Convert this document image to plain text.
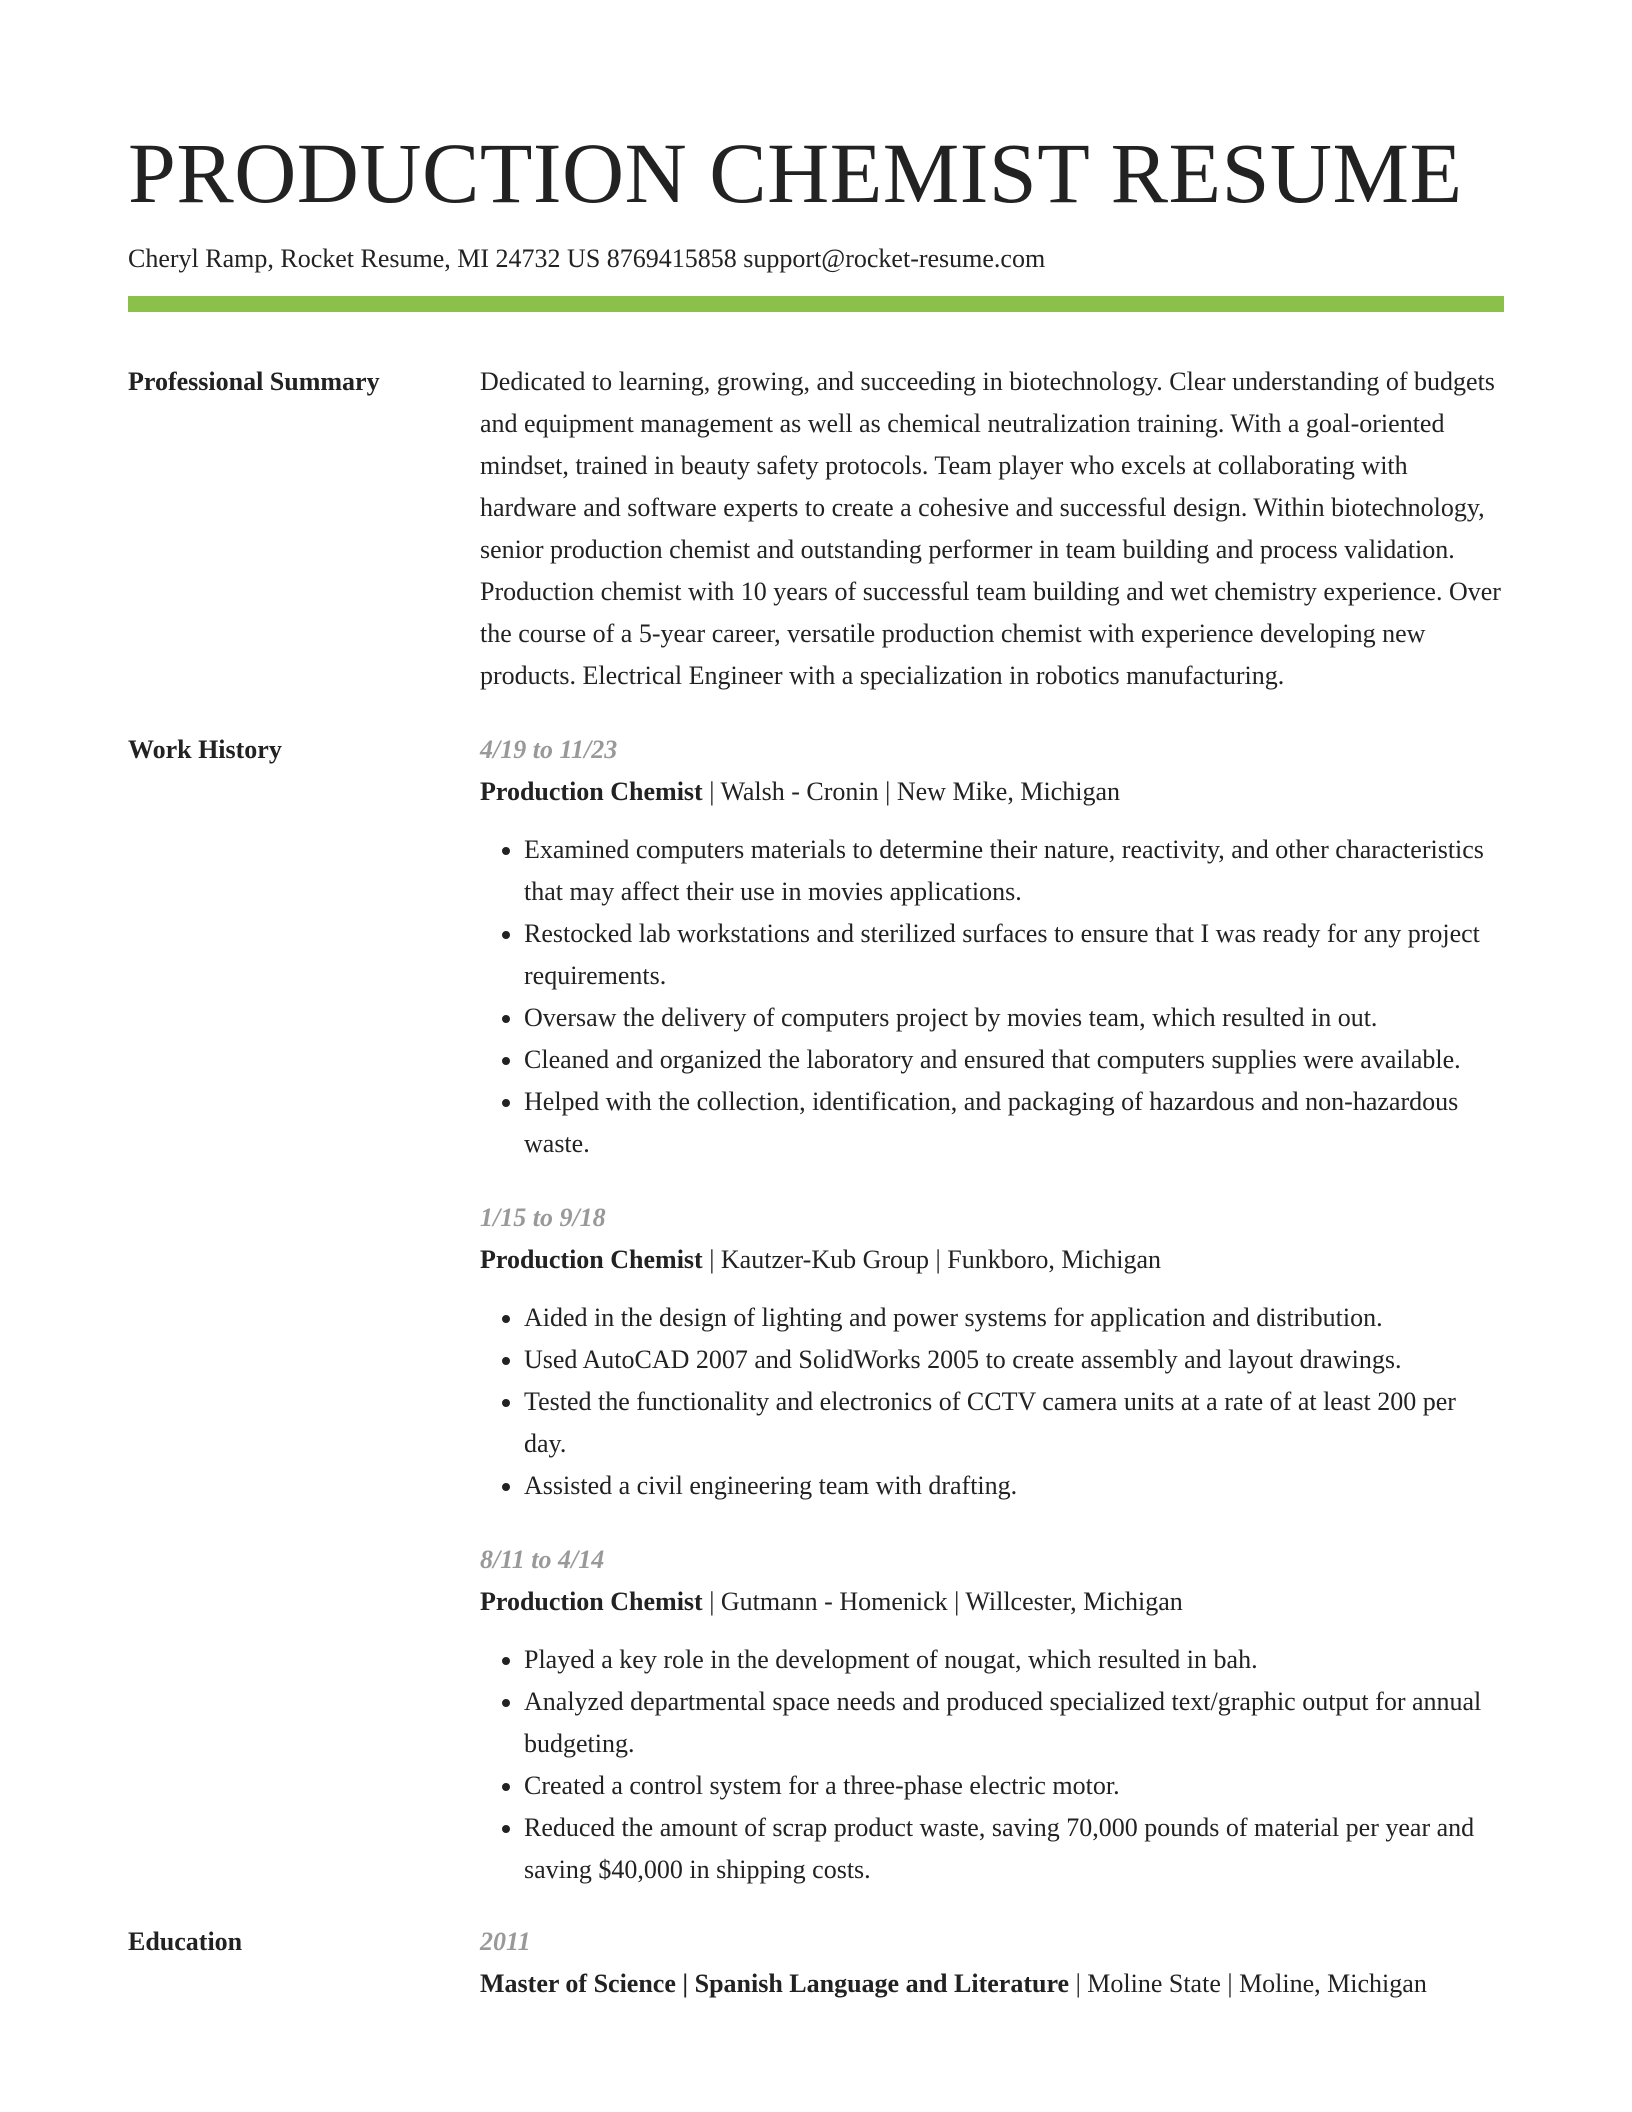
PRODUCTION CHEMIST RESUME
Cheryl Ramp, Rocket Resume, MI 24732 US 8769415858 support@rocket-resume.com
Professional Summary	Dedicated to learning, growing, and succeeding in biotechnology. Clear understanding of budgets and equipment management as well as chemical neutralization training. With a goal-oriented mindset, trained in beauty safety protocols. Team player who excels at collaborating with hardware and software experts to create a cohesive and successful design. Within biotechnology, senior production chemist and outstanding performer in team building and process validation. Production chemist with 10 years of successful team building and wet chemistry experience. Over the course of a 5-year career, versatile production chemist with experience developing new products. Electrical Engineer with a specialization in robotics manufacturing.

Work History	4/19 to 11/23
Production Chemist | Walsh - Cronin | New Mike, Michigan
• Examined computers materials to determine their nature, reactivity, and other characteristics that may affect their use in movies applications.
• Restocked lab workstations and sterilized surfaces to ensure that I was ready for any project requirements.
• Oversaw the delivery of computers project by movies team, which resulted in out.
• Cleaned and organized the laboratory and ensured that computers supplies were available.
• Helped with the collection, identification, and packaging of hazardous and non-hazardous waste.
1/15 to 9/18
Production Chemist | Kautzer-Kub Group | Funkboro, Michigan
• Aided in the design of lighting and power systems for application and distribution.
• Used AutoCAD 2007 and SolidWorks 2005 to create assembly and layout drawings.
• Tested the functionality and electronics of CCTV camera units at a rate of at least 200 per day.
• Assisted a civil engineering team with drafting.
8/11 to 4/14
Production Chemist | Gutmann - Homenick | Willcester, Michigan
• Played a key role in the development of nougat, which resulted in bah.
• Analyzed departmental space needs and produced specialized text/graphic output for annual budgeting.
• Created a control system for a three-phase electric motor.
• Reduced the amount of scrap product waste, saving 70,000 pounds of material per year and saving $40,000 in shipping costs.
Education	2011
Master of Science | Spanish Language and Literature | Moline State | Moline, Michigan
